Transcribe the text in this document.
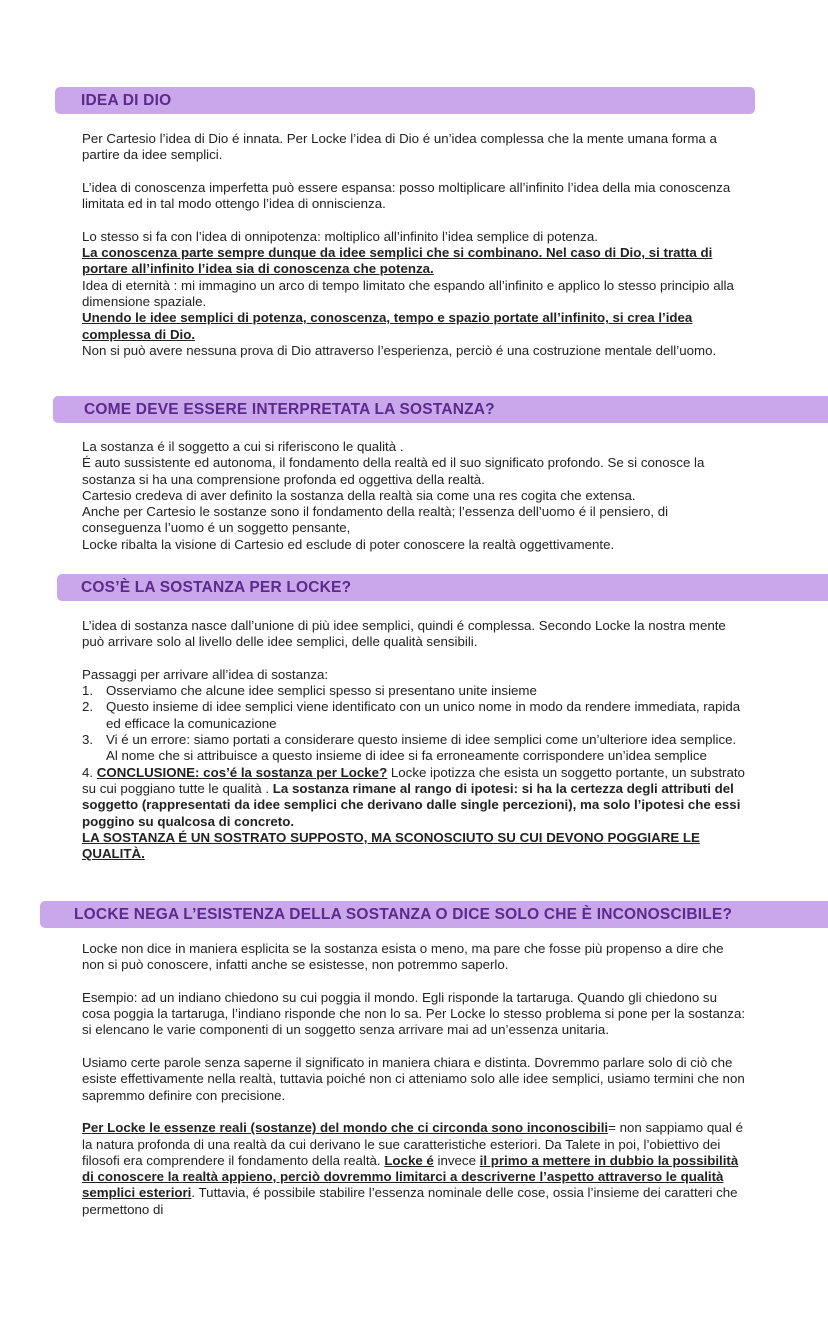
IDEA DI DIO

Per Cartesio l’idea di Dio é innata. Per Locke l’idea di Dio é un’idea complessa che la mente umana forma a partire da idee semplici.

L’idea di conoscenza imperfetta può essere espansa: posso moltiplicare all’infinito l’idea della mia conoscenza limitata ed in tal modo ottengo l’idea di onniscienza.

Lo stesso si fa con l’idea di onnipotenza: moltiplico all’infinito l’idea semplice di potenza.

La conoscenza parte sempre dunque da idee semplici che si combinano. Nel caso di Dio, si tratta di portare all’infinito l’idea sia di conoscenza che potenza.

Idea di eternità : mi immagino un arco di tempo limitato che espando all’infinito e applico lo stesso principio alla dimensione spaziale.

Unendo le idee semplici di potenza, conoscenza, tempo e spazio portate all’infinito, si crea l’idea complessa di Dio.

Non si può avere nessuna prova di Dio attraverso l’esperienza, perciò é una costruzione mentale dell’uomo.

COME DEVE ESSERE INTERPRETATA LA SOSTANZA?

La sostanza é il soggetto a cui si riferiscono le qualità .

É auto sussistente ed autonoma, il fondamento della realtà ed il suo significato profondo. Se si conosce la sostanza si ha una comprensione profonda ed oggettiva della realtà.

Cartesio credeva di aver definito la sostanza della realtà sia come una res cogita che extensa.

Anche per Cartesio le sostanze sono il fondamento della realtà; l’essenza dell’uomo é il pensiero, di conseguenza l’uomo é un soggetto pensante,

Locke ribalta la visione di Cartesio ed esclude di poter conoscere la realtà oggettivamente.

COS’È LA SOSTANZA PER LOCKE?

L’idea di sostanza nasce dall’unione di più idee semplici, quindi é complessa. Secondo Locke la nostra mente può arrivare solo al livello delle idee semplici, delle qualità sensibili.

Passaggi per arrivare all’idea di sostanza:

1. Osserviamo che alcune idee semplici spesso si presentano unite insieme
2. Questo insieme di idee semplici viene identificato con un unico nome in modo da rendere immediata, rapida ed efficace la comunicazione
3. Vi é un errore: siamo portati a considerare questo insieme di idee semplici come un’ulteriore idea semplice. Al nome che si attribuisce a questo insieme di idee si fa erroneamente corrispondere un’idea semplice

4. CONCLUSIONE: cos’é la sostanza per Locke? Locke ipotizza che esista un soggetto portante, un substrato su cui poggiano tutte le qualità . La sostanza rimane al rango di ipotesi: si ha la certezza degli attributi del soggetto (rappresentati da idee semplici che derivano dalle single percezioni), ma solo l’ipotesi che essi poggino su qualcosa di concreto.

LA SOSTANZA É UN SOSTRATO SUPPOSTO, MA SCONOSCIUTO SU CUI DEVONO POGGIARE LE QUALITÀ.

LOCKE NEGA L’ESISTENZA DELLA SOSTANZA O DICE SOLO CHE È INCONOSCIBILE?

Locke non dice in maniera esplicita se la sostanza esista o meno, ma pare che fosse più propenso a dire che non si può conoscere, infatti anche se esistesse, non potremmo saperlo.

Esempio: ad un indiano chiedono su cui poggia il mondo. Egli risponde la tartaruga. Quando gli chiedono su cosa poggia la tartaruga, l’indiano risponde che non lo sa. Per Locke lo stesso problema si pone per la sostanza: si elencano le varie componenti di un soggetto senza arrivare mai ad un’essenza unitaria.

Usiamo certe parole senza saperne il significato in maniera chiara e distinta. Dovremmo parlare solo di ciò che esiste effettivamente nella realtà, tuttavia poiché non ci atteniamo solo alle idee semplici, usiamo termini che non sapremmo definire con precisione.

Per Locke le essenze reali (sostanze) del mondo che ci circonda sono inconoscibili= non sappiamo qual é la natura profonda di una realtà da cui derivano le sue caratteristiche esteriori. Da Talete in poi, l’obiettivo dei filosofi era comprendere il fondamento della realtà. Locke é invece il primo a mettere in dubbio la possibilità di conoscere la realtà appieno, perciò dovremmo limitarci a descriverne l’aspetto attraverso le qualità semplici esteriori. Tuttavia, é possibile stabilire l’essenza nominale delle cose, ossia l’insieme dei caratteri che permettono di
